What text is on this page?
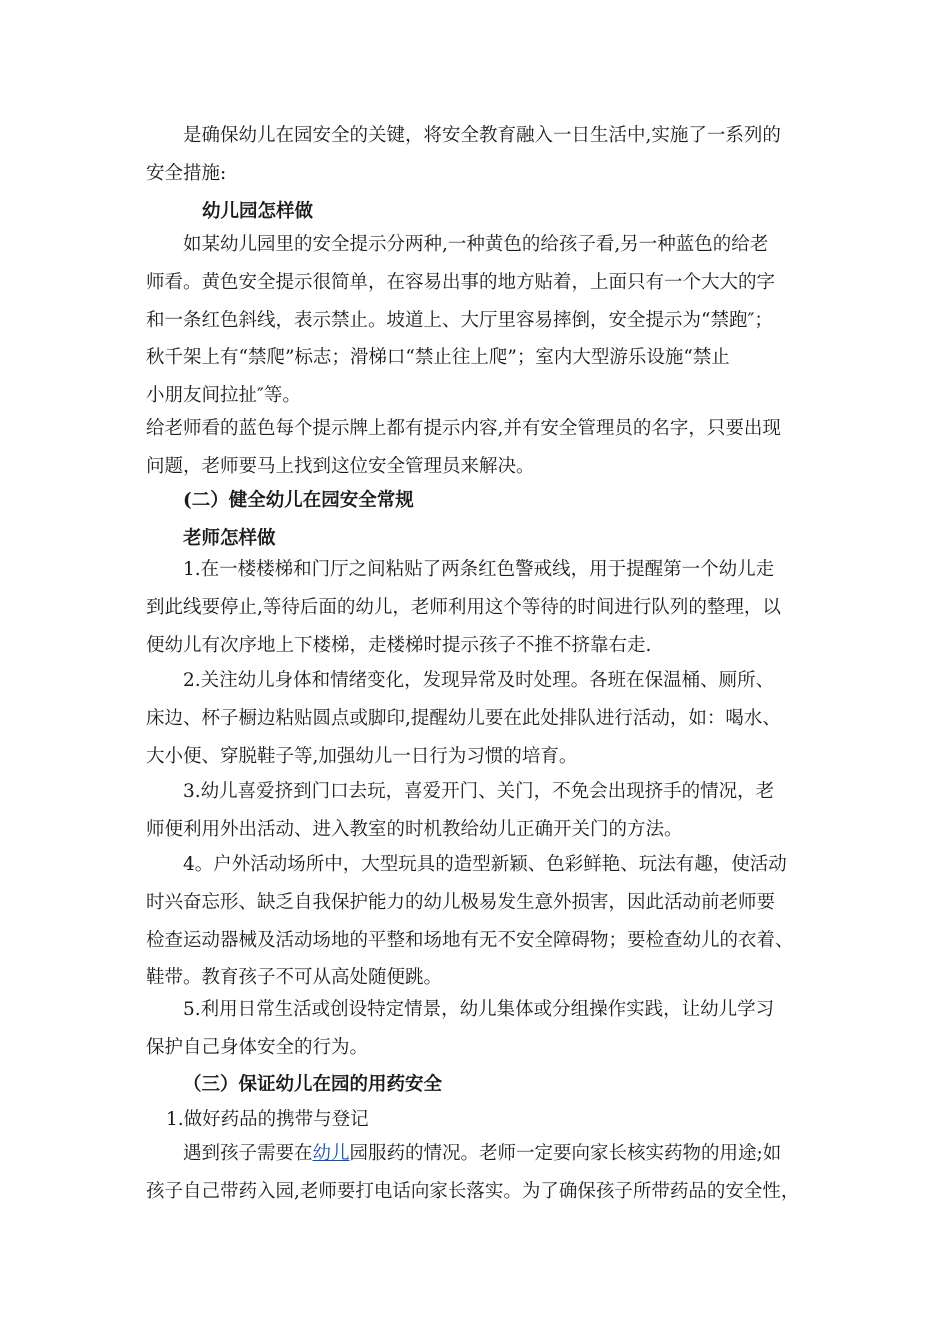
是确保幼儿在园安全的关键，将安全教育融入一日生活中,实施了一系列的
安全措施:

幼儿园怎样做

如某幼儿园里的安全提示分两种,一种黄色的给孩子看,另一种蓝色的给老
师看。黄色安全提示很简单，在容易出事的地方贴着，上面只有一个大大的字
和一条红色斜线，表示禁止。坡道上、大厅里容易摔倒，安全提示为“禁跑″；
秋千架上有“禁爬”标志；滑梯口“禁止往上爬”；室内大型游乐设施“禁止
小朋友间拉扯″等。

给老师看的蓝色每个提示牌上都有提示内容,并有安全管理员的名字，只要出现
问题，老师要马上找到这位安全管理员来解决。

(二）健全幼儿在园安全常规
老师怎样做

1.在一楼楼梯和门厅之间粘贴了两条红色警戒线，用于提醒第一个幼儿走
到此线要停止,等待后面的幼儿，老师利用这个等待的时间进行队列的整理，以
便幼儿有次序地上下楼梯，走楼梯时提示孩子不推不挤靠右走.

2.关注幼儿身体和情绪变化，发现异常及时处理。各班在保温桶、厕所、
床边、杯子橱边粘贴圆点或脚印,提醒幼儿要在此处排队进行活动，如：喝水、
大小便、穿脱鞋子等,加强幼儿一日行为习惯的培育。

3.幼儿喜爱挤到门口去玩，喜爱开门、关门，不免会出现挤手的情况，老
师便利用外出活动、进入教室的时机教给幼儿正确开关门的方法。

4。户外活动场所中，大型玩具的造型新颖、色彩鲜艳、玩法有趣，使活动
时兴奋忘形、缺乏自我保护能力的幼儿极易发生意外损害，因此活动前老师要
检查运动器械及活动场地的平整和场地有无不安全障碍物；要检查幼儿的衣着、
鞋带。教育孩子不可从高处随便跳。

5.利用日常生活或创设特定情景，幼儿集体或分组操作实践，让幼儿学习
保护自己身体安全的行为。

（三）保证幼儿在园的用药安全

1.做好药品的携带与登记

遇到孩子需要在幼儿园服药的情况。老师一定要向家长核实药物的用途;如
孩子自己带药入园,老师要打电话向家长落实。为了确保孩子所带药品的安全性，
